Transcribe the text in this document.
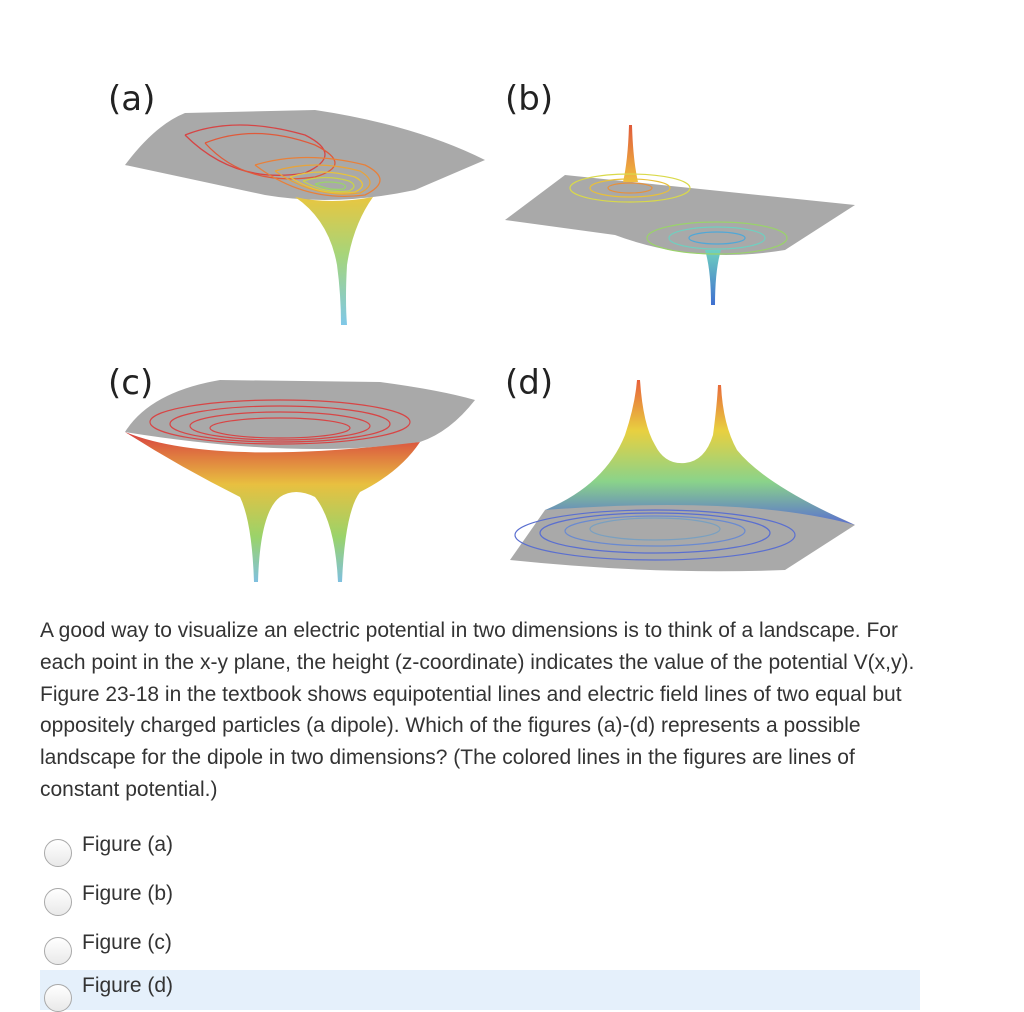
(a)	(b)
(c)	(d)
A good way to visualize an electric potential in two dimensions is to think of a landscape. For each point in the x-y plane, the height (z-coordinate) indicates the value of the potential V(x,y). Figure 23-18 in the textbook shows equipotential lines and electric field lines of two equal but oppositely charged particles (a dipole). Which of the figures (a)-(d) represents a possible landscape for the dipole in two dimensions? (The colored lines in the figures are lines of constant potential.)
Figure (a)
Figure (b)
Figure (c)
Figure (d)
